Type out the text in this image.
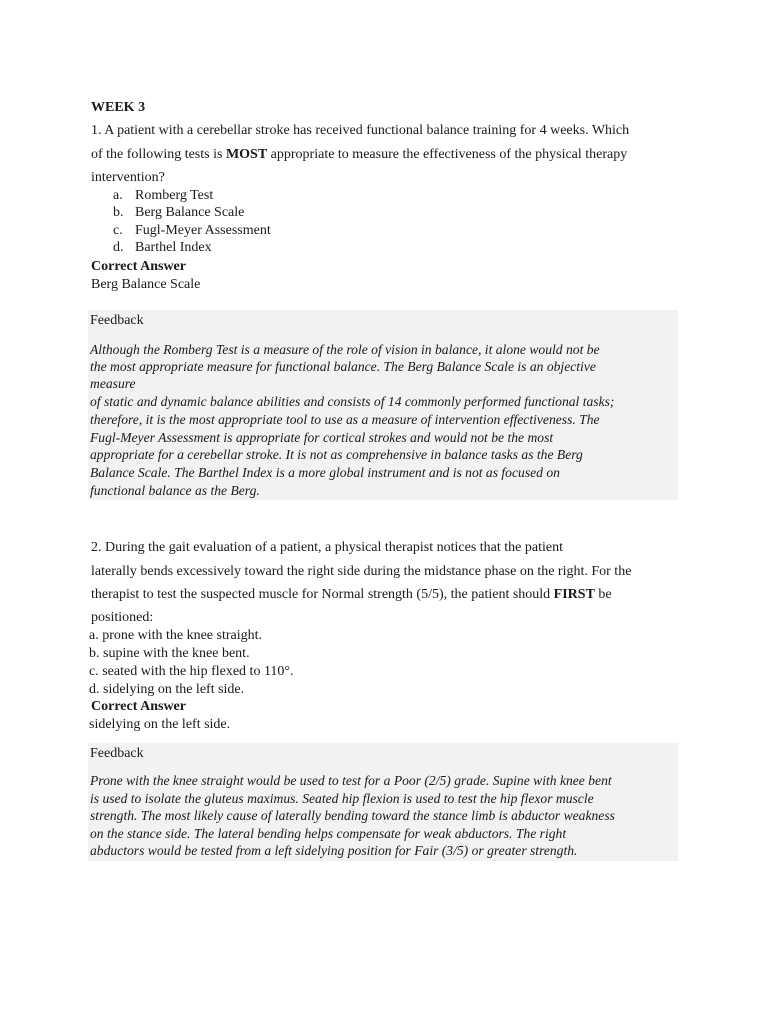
WEEK 3
1. A patient with a cerebellar stroke has received functional balance training for 4 weeks. Which
of the following tests is MOST appropriate to measure the effectiveness of the physical therapy
intervention?
a. Romberg Test
b. Berg Balance Scale
c. Fugl-Meyer Assessment
d. Barthel Index
Correct Answer
Berg Balance Scale
Feedback
Although the Romberg Test is a measure of the role of vision in balance, it alone would not be
the most appropriate measure for functional balance. The Berg Balance Scale is an objective
measure
of static and dynamic balance abilities and consists of 14 commonly performed functional tasks;
therefore, it is the most appropriate tool to use as a measure of intervention effectiveness. The
Fugl-Meyer Assessment is appropriate for cortical strokes and would not be the most
appropriate for a cerebellar stroke. It is not as comprehensive in balance tasks as the Berg
Balance Scale. The Barthel Index is a more global instrument and is not as focused on
functional balance as the Berg.
2. During the gait evaluation of a patient, a physical therapist notices that the patient
laterally bends excessively toward the right side during the midstance phase on the right. For the
therapist to test the suspected muscle for Normal strength (5/5), the patient should FIRST be
positioned:
a. prone with the knee straight.
b. supine with the knee bent.
c. seated with the hip flexed to 110°.
d. sidelying on the left side.
Correct Answer
sidelying on the left side.
Feedback
Prone with the knee straight would be used to test for a Poor (2/5) grade. Supine with knee bent
is used to isolate the gluteus maximus. Seated hip flexion is used to test the hip flexor muscle
strength. The most likely cause of laterally bending toward the stance limb is abductor weakness
on the stance side. The lateral bending helps compensate for weak abductors. The right
abductors would be tested from a left sidelying position for Fair (3/5) or greater strength.
